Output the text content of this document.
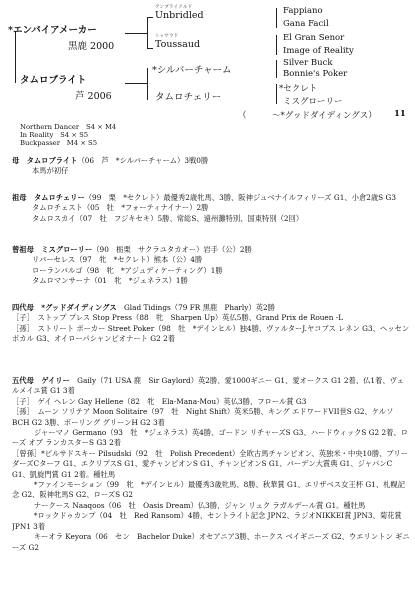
*エンバイアメーカー
黒鹿 2000
アンブライドルド
Unbridled
トゥサウド
Toussaud
Fappiano
Gana Facil
El Gran Senor
Image of Reality
タムロブライト
芦 2006
*シルバーチャーム
タムロチェリー
Silver Buck
Bonnie's Poker
*セクレト
ミスグローリー
（　　　〜*グッドダイディングス） 11
Northern Dancer　S4 × M4
In Reality　S4 × S5
Buckpasser　M4 × S5
母　 タムロブライト（06　芦　*シルバーチャーム）3戦0勝
本馬が初仔
祖母　 タムロチェリー（99　栗　*セクレト）最優秀2歳牝馬、3勝、阪神ジュベナイルフィリーズ G1、小倉2歳S G3
タムロチェスト（05　牡　*フォーティナイナー）2勝
タムロスカイ（07　牡　フジキセキ）5勝、常総S、遠州灘特別、国東特別（2回）
曾祖母　 ミスグローリー（90　栃栗　サクラユタカオー）岩手（公）2勝
リバーセレス（97　牝　*セクレト）熊本（公）4勝
ローランバルゴ（98　牝　*アジュディケーティング）1勝
タムロマンサーナ（01　牝　*ジェネラス）1勝
四代母　 *グッドダイディングス　 Glad Tidings（79 FR 黒鹿　Pharly）英2勝
［子］　ストップ プレス Stop Press（88　牝　Sharpen Up）英仏5勝、Grand Prix de Rouen -L
［孫］　ストリート ポーカー Street Poker（98　牡　*デインヒル）独4勝、ヴァルターJ.ヤコブス レネン G3、ヘッセン ポカル G3、オイローパシャンピオナート G2 2着
五代母　 ゲイリー　 Gaily（71 USA 鹿　Sir Gaylord）英2勝、愛1000ギニー G1、愛オークス G1 2着、仏1着、ヴェルメイユ賞 G1 3着
［子］　ゲイ ヘレン Gay Hellene（82　牝　Ela-Mana-Mou）英仏3勝、フロール賞 G3
［孫］　ムーン ソリテア Moon Solitaire（97　牡　Night Shift）英米5勝、キング エドワードVII世S G2、ケルソBCH G2 3勝、ボーリング グリーンH G2 3着
　　　ジャーマノ Germano（93　牡　*ジェネラス）英4勝、ゴードン リチャーズS G3、ハードウィックS G2 2着、ローズ オブ ランカスターS G3 2着
［曾孫］*ピルサドスキー Pilsudski（92　牡　Polish Precedent）全欧古馬チャンピオン、英独米・中央10勝、ブリーダーズCターフ G1、エクリプスS G1、愛チャンピオンS G1、チャンピオンS G1、バーデン大賞典 G1、ジャパンC G1、凱旋門賞 G1 2着。種牡馬
　　　*ファインモーション（99　牝　*デインヒル）最優秀3歳牝馬、8勝、秋華賞 G1、エリザベス女王杯 G1、札幌記念 G2、阪神牝馬S G2、ローズS G2
　　　ナークース Naaqoos（06　牡　Oasis Dream）仏3勝、ジャン リュク ラガルデール賞 G1。種牡馬
　　　*ロックドゥカンプ（04　牡　Red Ransom）4勝、セントライト記念 JPN2、ラジオNIKKEI賞 JPN3、菊花賞 JPN1 3着
　　　キーオラ Keyora（06　セン　Bachelor Duke）オセアニア3勝、ホークス ベイギニーズ G2、ウエリントン ギニーズ G2
